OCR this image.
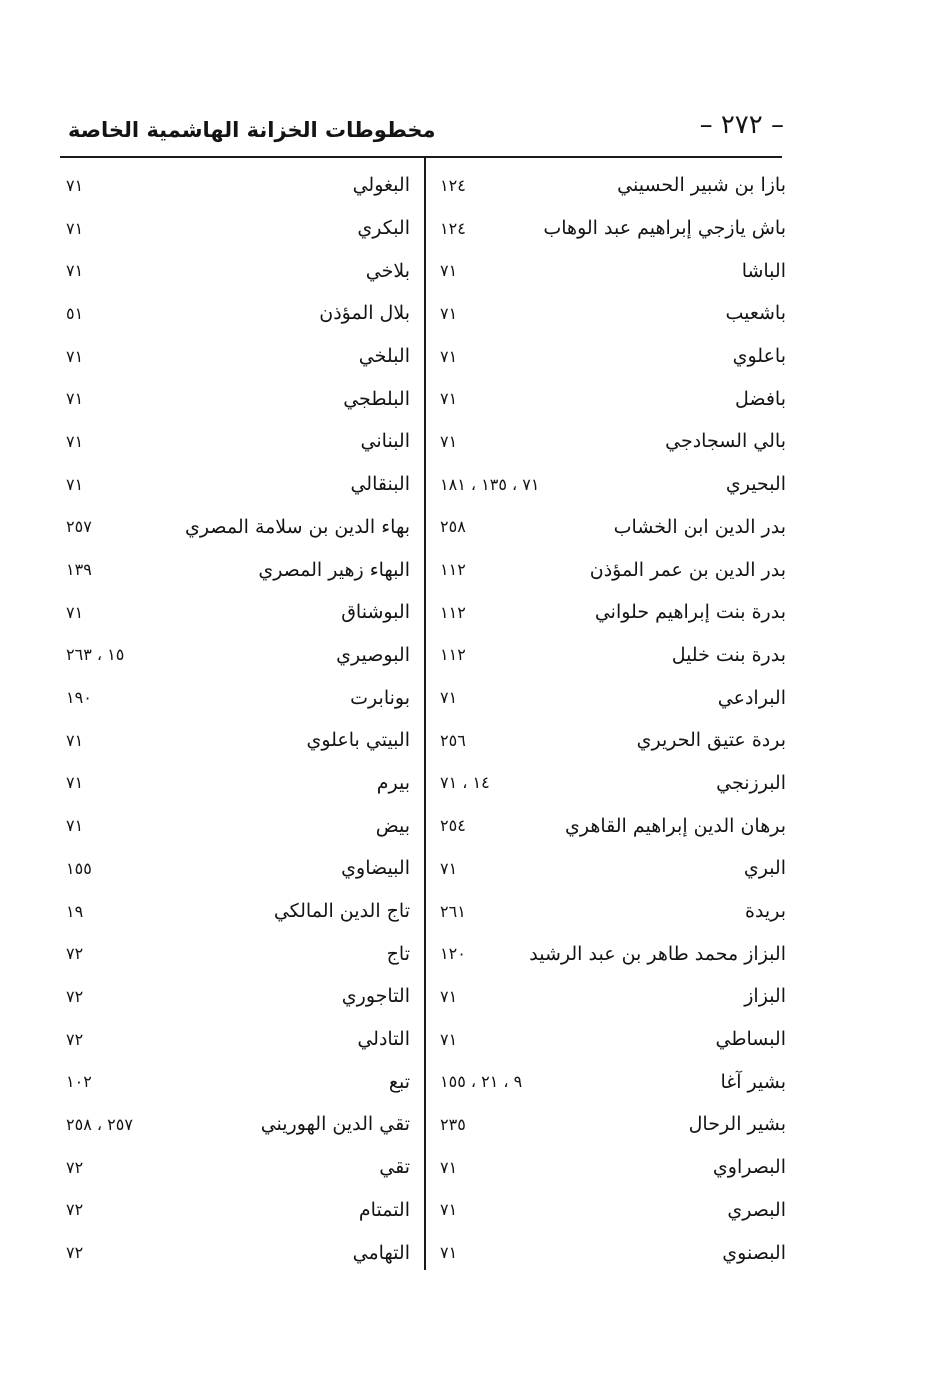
مخطوطات الخزانة الهاشمية الخاصة	– ٢٧٢ –
بازا بن شبير الحسيني
١٢٤
باش يازجي إبراهيم عبد الوهاب
١٢٤
الباشا
٧١
باشعيب
٧١
باعلوي
٧١
بافضل
٧١
بالي السجادجي
٧١
البحيري
٧١ ، ١٣٥ ، ١٨١
بدر الدين ابن الخشاب
٢٥٨
بدر الدين بن عمر المؤذن
١١٢
بدرة بنت إبراهيم حلواني
١١٢
بدرة بنت خليل
١١٢
البرادعي
٧١
بردة عتيق الحريري
٢٥٦
البرزنجي
١٤ ، ٧١
برهان الدين إبراهيم القاهري
٢٥٤
البري
٧١
بريدة
٢٦١
البزاز محمد طاهر بن عبد الرشيد
١٢٠
البزاز
٧١
البساطي
٧١
بشير آغا
٩ ، ٢١ ، ١٥٥
بشير الرحال
٢٣٥
البصراوي
٧١
البصري
٧١
البصنوي
٧١
البغولي
٧١
البكري
٧١
بلاخي
٧١
بلال المؤذن
٥١
البلخي
٧١
البلطجي
٧١
البناني
٧١
البنقالي
٧١
بهاء الدين بن سلامة المصري
٢٥٧
البهاء زهير المصري
١٣٩
البوشناق
٧١
البوصيري
١٥ ، ٢٦٣
بونابرت
١٩٠
البيتي باعلوي
٧١
بيرم
٧١
بيض
٧١
البيضاوي
١٥٥
تاج الدين المالكي
١٩
تاج
٧٢
التاجوري
٧٢
التادلي
٧٢
تبع
١٠٢
تقي الدين الهوريني
٢٥٧ ، ٢٥٨
تقي
٧٢
التمتام
٧٢
التهامي
٧٢
